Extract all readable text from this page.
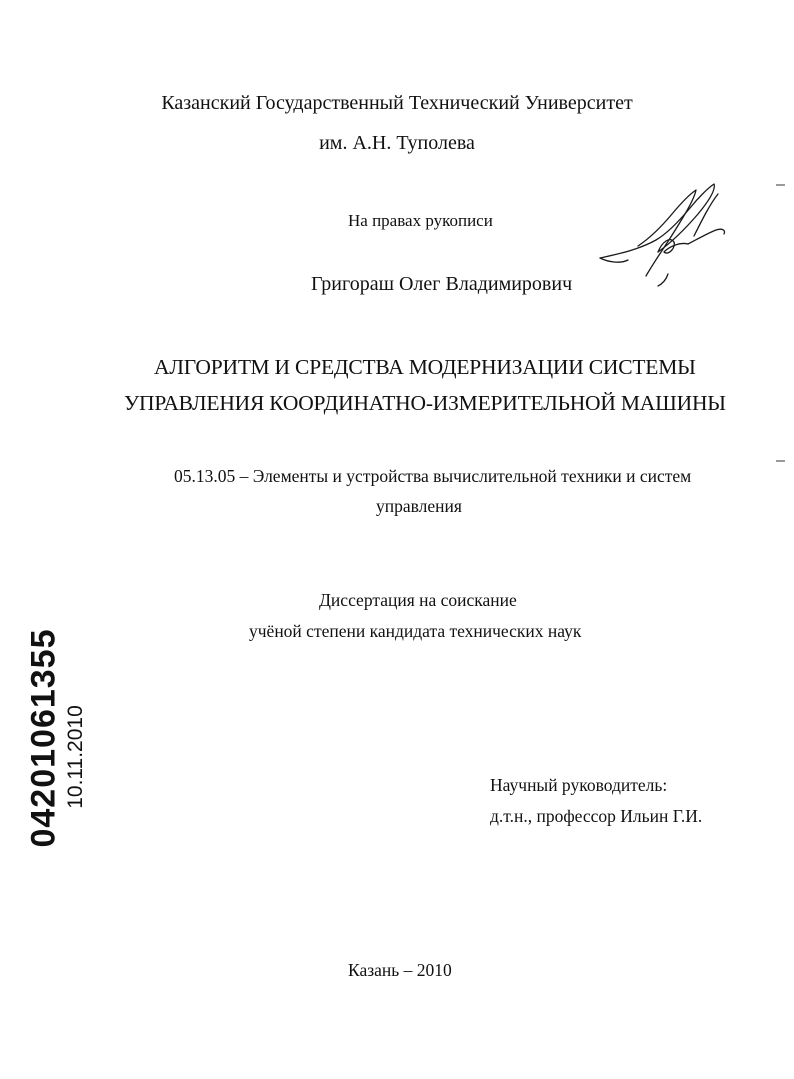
Казанский Государственный Технический Университет
им. А.Н. Туполева
На правах рукописи
Григораш Олег Владимирович
АЛГОРИТМ И СРЕДСТВА МОДЕРНИЗАЦИИ СИСТЕМЫ
УПРАВЛЕНИЯ КООРДИНАТНО-ИЗМЕРИТЕЛЬНОЙ МАШИНЫ
05.13.05 – Элементы и устройства вычислительной техники и систем
управления
Диссертация на соискание
учёной степени кандидата технических наук
04201061355 10.11.2010	Научный руководитель:
д.т.н., профессор Ильин Г.И.
Казань – 2010
